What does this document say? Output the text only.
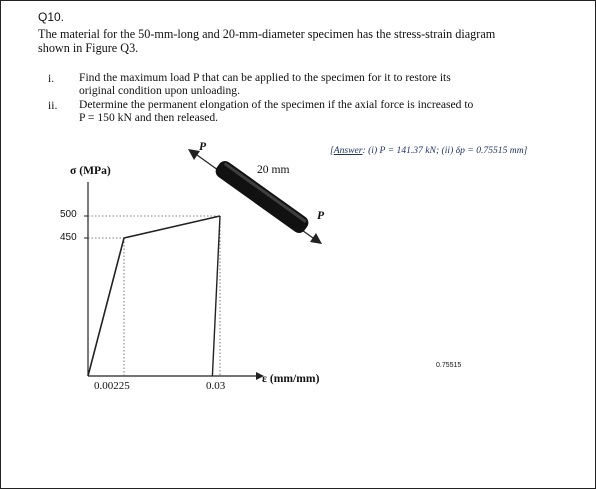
Q10.
The material for the 50-mm-long and 20-mm-diameter specimen has the stress-strain diagram
shown in Figure Q3.
i. Find the maximum load P that can be applied to the specimen for it to restore its
original condition upon unloading.
ii. Determine the permanent elongation of the specimen if the axial force is increased to
P = 150 kN and then released.
[Answer: (i) P = 141.37 kN; (ii) δp = 0.75515 mm]
P
P
20 mm
σ (MPa)
500
450
0.00225	0.03
ε (mm/mm)
0.75515
